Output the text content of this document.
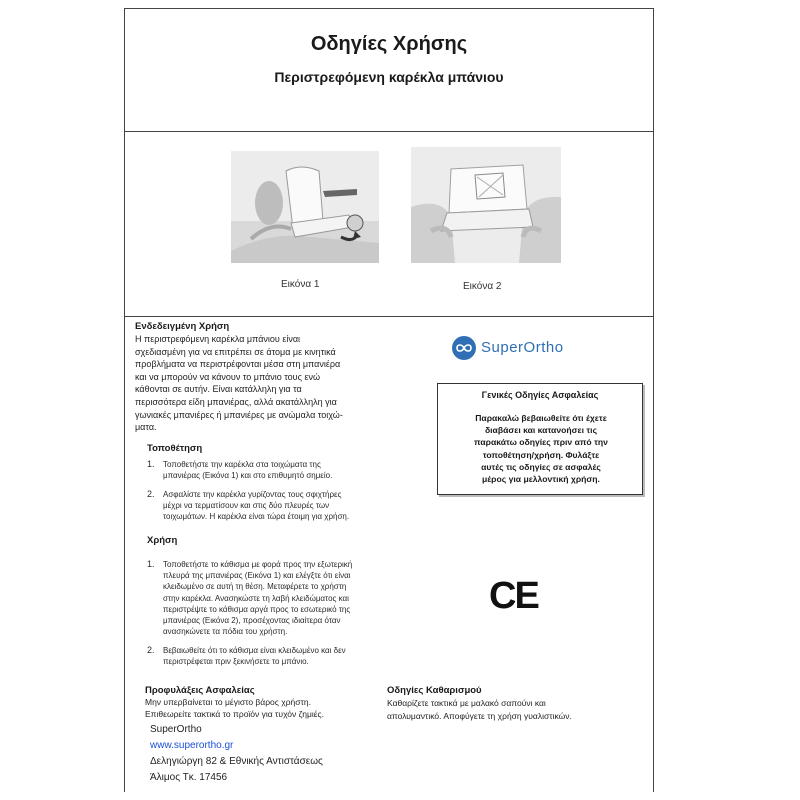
Οδηγίες Χρήσης
Περιστρεφόμενη καρέκλα μπάνιου
Εικόνα 1	Εικόνα 2
Ενδεδειγμένη Χρήση
Η περιστρεφόμενη καρέκλα μπάνιου είναι
σχεδιασμένη για να επιτρέπει σε άτομα με κινητικά
προβλήματα να περιστρέφονται μέσα στη μπανιέρα
και να μπορούν να κάνουν το μπάνιο τους ενώ
κάθονται σε αυτήν. Είναι κατάλληλη για τα
περισσότερα είδη μπανιέρας, αλλά ακατάλληλη για
γωνιακές μπανιέρες ή μπανιέρες με ανώμαλα τοιχώ-
ματα.
Τοποθέτηση
1. Τοποθετήστε την καρέκλα στα τοιχώματα της
μπανιέρας (Εικόνα 1) και στο επιθυμητό σημείο.
2. Ασφαλίστε την καρέκλα γυρίζοντας τους σφιχτήρες
μέχρι να τερματίσουν και στις δύο πλευρές των
τοιχωμάτων. Η καρέκλα είναι τώρα έτοιμη για χρήση.
Χρήση
1. Τοποθετήστε το κάθισμα με φορά προς την εξωτερική
πλευρά της μπανιέρας (Εικόνα 1) και ελέγξτε ότι είναι
κλειδωμένο σε αυτή τη θέση. Μεταφέρετε το χρήστη
στην καρέκλα. Ανασηκώστε τη λαβή κλειδώματος και
περιστρέψτε το κάθισμα αργά προς το εσωτερικό της
μπανιέρας (Εικόνα 2), προσέχοντας ιδιαίτερα όταν
ανασηκώνετε τα πόδια του χρήστη.
2. Βεβαιωθείτε ότι το κάθισμα είναι κλειδωμένο και δεν
περιστρέφεται πριν ξεκινήσετε το μπάνιο.
Προφυλάξεις Ασφαλείας
Μην υπερβαίνεται το μέγιστο βάρος χρήστη.
Επιθεωρείτε τακτικά το προϊόν για τυχόν ζημιές.
SuperOrtho
Γενικές Οδηγίες Ασφαλείας
Παρακαλώ βεβαιωθείτε ότι έχετε
διαβάσει και κατανοήσει τις
παρακάτω οδηγίες πριν από την
τοποθέτηση/χρήση. Φυλάξτε
αυτές τις οδηγίες σε ασφαλές
μέρος για μελλοντική χρήση.
CE
Οδηγίες Καθαρισμού
Καθαρίζετε τακτικά με μαλακό σαπούνι και
απολυμαντικό. Αποφύγετε τη χρήση γυαλιστικών.
SuperOrtho
www.superortho.gr
Δεληγιώργη 82 & Εθνικής Αντιστάσεως
Άλιμος Τκ. 17456
